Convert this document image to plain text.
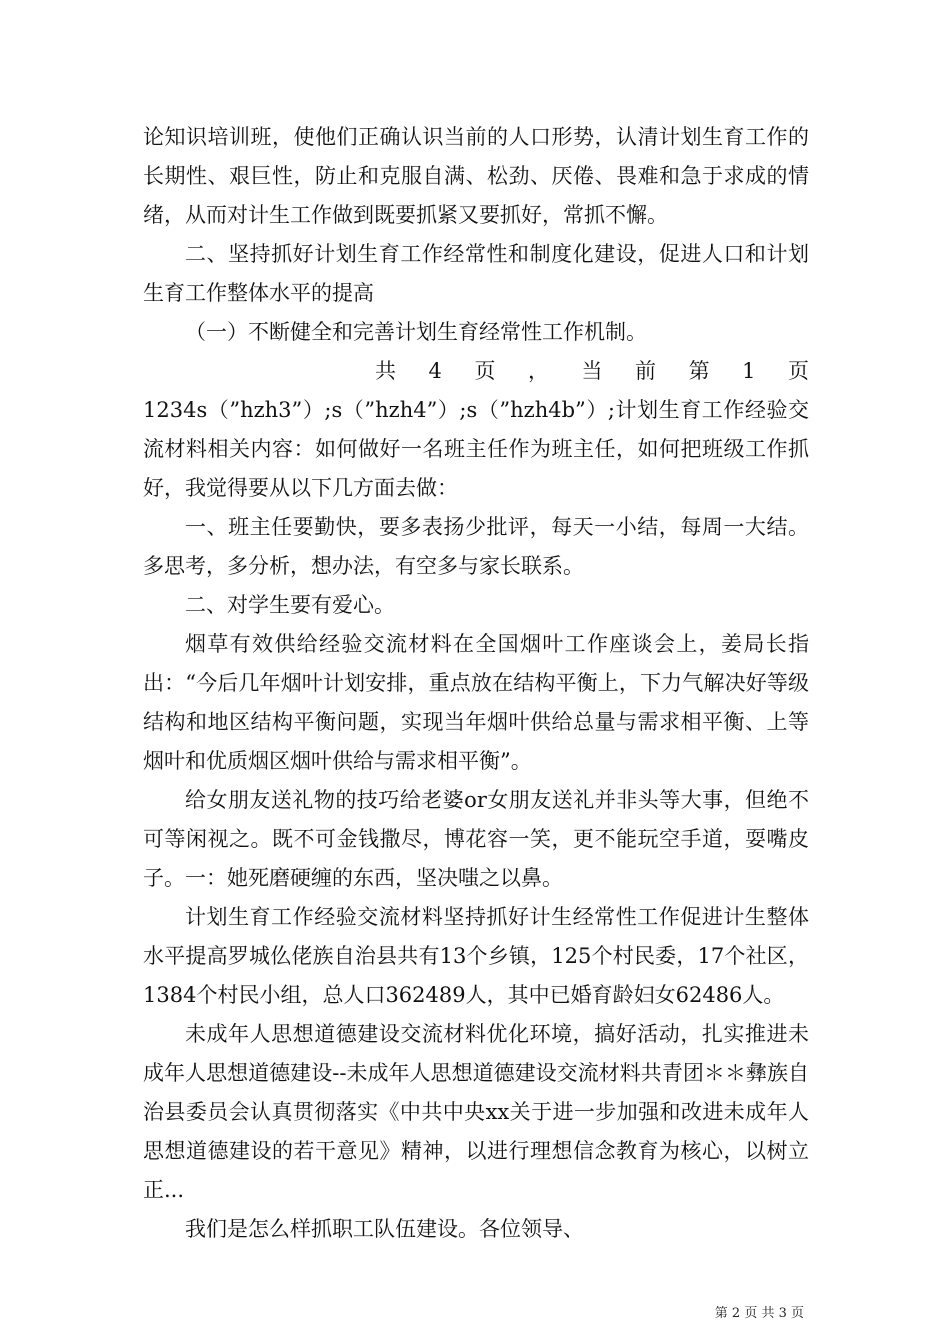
论知识培训班，使他们正确认识当前的人口形势，认清计划生育工作的长期性、艰巨性，防止和克服自满、松劲、厌倦、畏难和急于求成的情绪，从而对计生工作做到既要抓紧又要抓好，常抓不懈。

二、坚持抓好计划生育工作经常性和制度化建设，促进人口和计划生育工作整体水平的提高

（一）不断健全和完善计划生育经常性工作机制。

共 4 页 ， 当 前 第 1 页

1234s（”hzh3”）;s（”hzh4”）;s（”hzh4b”）;计划生育工作经验交流材料相关内容：如何做好一名班主任作为班主任，如何把班级工作抓好，我觉得要从以下几方面去做：

一、班主任要勤快，要多表扬少批评，每天一小结，每周一大结。多思考，多分析，想办法，有空多与家长联系。

二、对学生要有爱心。

烟草有效供给经验交流材料在全国烟叶工作座谈会上，姜局长指出：“今后几年烟叶计划安排，重点放在结构平衡上，下力气解决好等级结构和地区结构平衡问题，实现当年烟叶供给总量与需求相平衡、上等烟叶和优质烟区烟叶供给与需求相平衡”。

给女朋友送礼物的技巧给老婆or女朋友送礼并非头等大事，但绝不可等闲视之。既不可金钱撒尽，博花容一笑，更不能玩空手道，耍嘴皮子。一：她死磨硬缠的东西，坚决嗤之以鼻。

计划生育工作经验交流材料坚持抓好计生经常性工作促进计生整体水平提高罗城仫佬族自治县共有13个乡镇，125个村民委，17个社区，1384个村民小组，总人口362489人，其中已婚育龄妇女62486人。

未成年人思想道德建设交流材料优化环境，搞好活动，扎实推进未成年人思想道德建设--未成年人思想道德建设交流材料共青团＊＊彝族自治县委员会认真贯彻落实《中共中央xx关于进一步加强和改进未成年人思想道德建设的若干意见》精神，以进行理想信念教育为核心，以树立正...

我们是怎么样抓职工队伍建设。各位领导、

第 2 页 共 3 页
